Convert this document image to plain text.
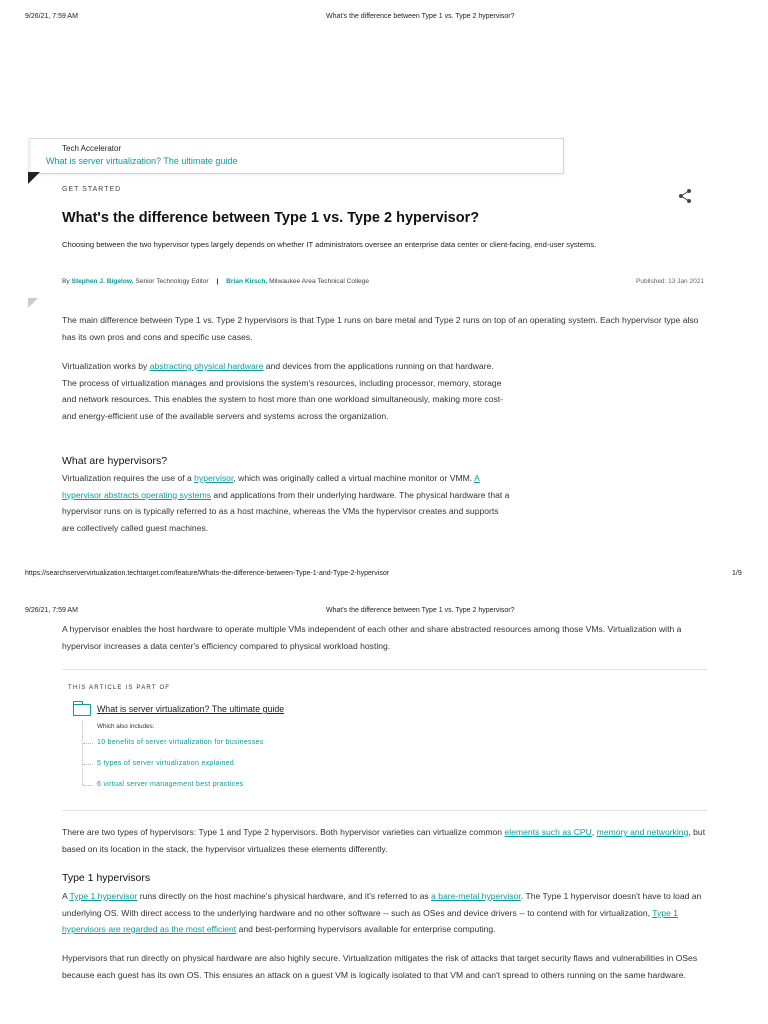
9/26/21, 7:59 AM	What's the difference between Type 1 vs. Type 2 hypervisor?
Tech Accelerator
What is server virtualization? The ultimate guide
GET STARTED
What's the difference between Type 1 vs. Type 2 hypervisor?
Choosing between the two hypervisor types largely depends on whether IT administrators oversee an enterprise data center or client-facing, end-user systems.
By Stephen J. Bigelow, Senior Technology Editor | Brian Kirsch, Milwaukee Area Technical College	Published: 13 Jan 2021
The main difference between Type 1 vs. Type 2 hypervisors is that Type 1 runs on bare metal and Type 2 runs on top of an operating system. Each hypervisor type also has its own pros and cons and specific use cases.
Virtualization works by abstracting physical hardware and devices from the applications running on that hardware. The process of virtualization manages and provisions the system's resources, including processor, memory, storage and network resources. This enables the system to host more than one workload simultaneously, making more cost- and energy-efficient use of the available servers and systems across the organization.
What are hypervisors?
Virtualization requires the use of a hypervisor, which was originally called a virtual machine monitor or VMM. A hypervisor abstracts operating systems and applications from their underlying hardware. The physical hardware that a hypervisor runs on is typically referred to as a host machine, whereas the VMs the hypervisor creates and supports are collectively called guest machines.
https://searchservervirtualization.techtarget.com/feature/Whats-the-difference-between-Type-1-and-Type-2-hypervisor	1/9
9/26/21, 7:59 AM	What's the difference between Type 1 vs. Type 2 hypervisor?
A hypervisor enables the host hardware to operate multiple VMs independent of each other and share abstracted resources among those VMs. Virtualization with a hypervisor increases a data center's efficiency compared to physical workload hosting.
THIS ARTICLE IS PART OF
What is server virtualization? The ultimate guide
Which also includes:
10 benefits of server virtualization for businesses
5 types of server virtualization explained
6 virtual server management best practices
There are two types of hypervisors: Type 1 and Type 2 hypervisors. Both hypervisor varieties can virtualize common elements such as CPU, memory and networking, but based on its location in the stack, the hypervisor virtualizes these elements differently.
Type 1 hypervisors
A Type 1 hypervisor runs directly on the host machine's physical hardware, and it's referred to as a bare-metal hypervisor. The Type 1 hypervisor doesn't have to load an underlying OS. With direct access to the underlying hardware and no other software -- such as OSes and device drivers -- to contend with for virtualization, Type 1 hypervisors are regarded as the most efficient and best-performing hypervisors available for enterprise computing.
Hypervisors that run directly on physical hardware are also highly secure. Virtualization mitigates the risk of attacks that target security flaws and vulnerabilities in OSes because each guest has its own OS. This ensures an attack on a guest VM is logically isolated to that VM and can't spread to others running on the same hardware.
